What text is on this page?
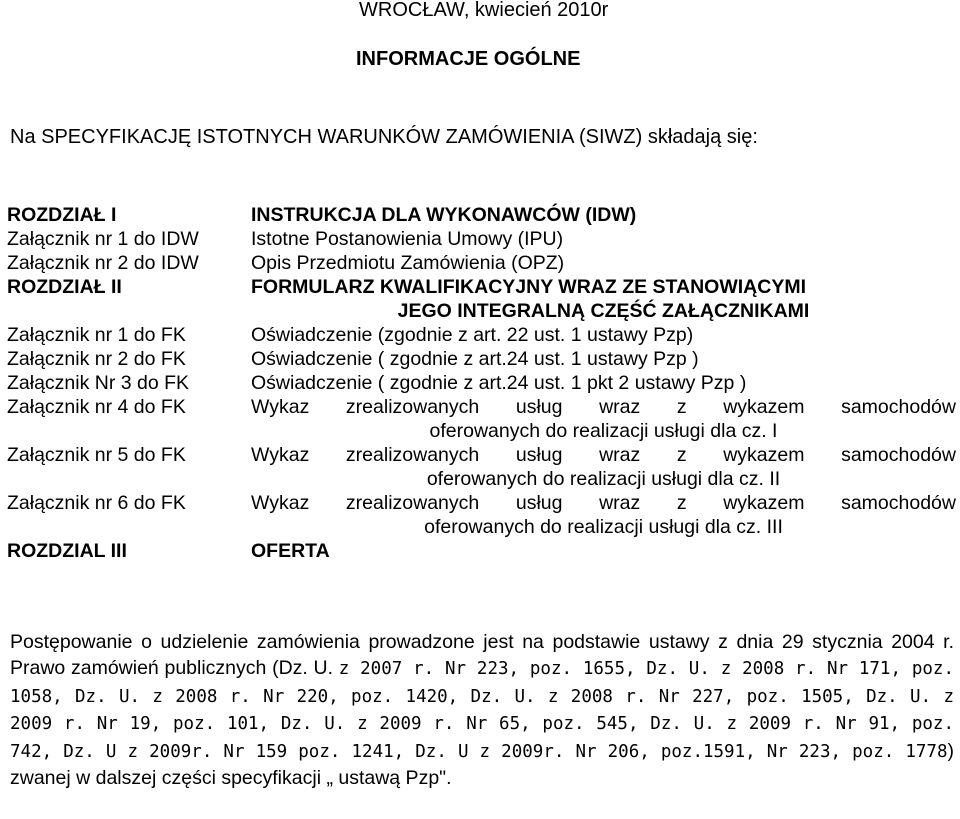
WROCŁAW, kwiecień 2010r
INFORMACJE OGÓLNE
Na SPECYFIKACJĘ ISTOTNYCH WARUNKÓW ZAMÓWIENIA (SIWZ) składają się:
ROZDZIAŁ I	INSTRUKCJA DLA WYKONAWCÓW (IDW)
Załącznik nr 1 do IDW	Istotne Postanowienia Umowy (IPU)
Załącznik nr 2 do IDW	Opis Przedmiotu Zamówienia (OPZ)
ROZDZIAŁ II	FORMULARZ KWALIFIKACYJNY WRAZ ZE STANOWIĄCYMI
JEGO INTEGRALNĄ CZĘŚĆ ZAŁĄCZNIKAMI

Załącznik nr 1 do FK	Oświadczenie (zgodnie z art. 22 ust. 1 ustawy Pzp)
Załącznik nr 2 do FK	Oświadczenie ( zgodnie z art.24 ust. 1 ustawy Pzp )
Załącznik Nr 3 do FK	Oświadczenie ( zgodnie z art.24 ust. 1 pkt 2 ustawy Pzp )
Załącznik nr 4 do FK	Wykaz zrealizowanych usług wraz z wykazem samochodów
oferowanych do realizacji usługi dla cz. I

Załącznik nr 5 do FK	Wykaz zrealizowanych usług wraz z wykazem samochodów
oferowanych do realizacji usługi dla cz. II

Załącznik nr 6 do FK	Wykaz zrealizowanych usług wraz z wykazem samochodów
oferowanych do realizacji usługi dla cz. III

ROZDZIAL III	OFERTA
Postępowanie o udzielenie zamówienia prowadzone jest na podstawie ustawy z dnia 29 stycznia 2004 r. Prawo zamówień publicznych (Dz. U. z 2007 r. Nr 223, poz. 1655, Dz. U. z 2008 r. Nr 171, poz. 1058, Dz. U. z 2008 r. Nr 220, poz. 1420, Dz. U. z 2008 r. Nr 227, poz. 1505, Dz. U. z 2009 r. Nr 19, poz. 101, Dz. U. z 2009 r. Nr 65, poz. 545, Dz. U. z 2009 r. Nr 91, poz. 742, Dz. U z 2009r. Nr 159 poz. 1241, Dz. U z 2009r. Nr 206, poz.1591, Nr 223, poz. 1778) zwanej w dalszej części specyfikacji „ ustawą Pzp".
